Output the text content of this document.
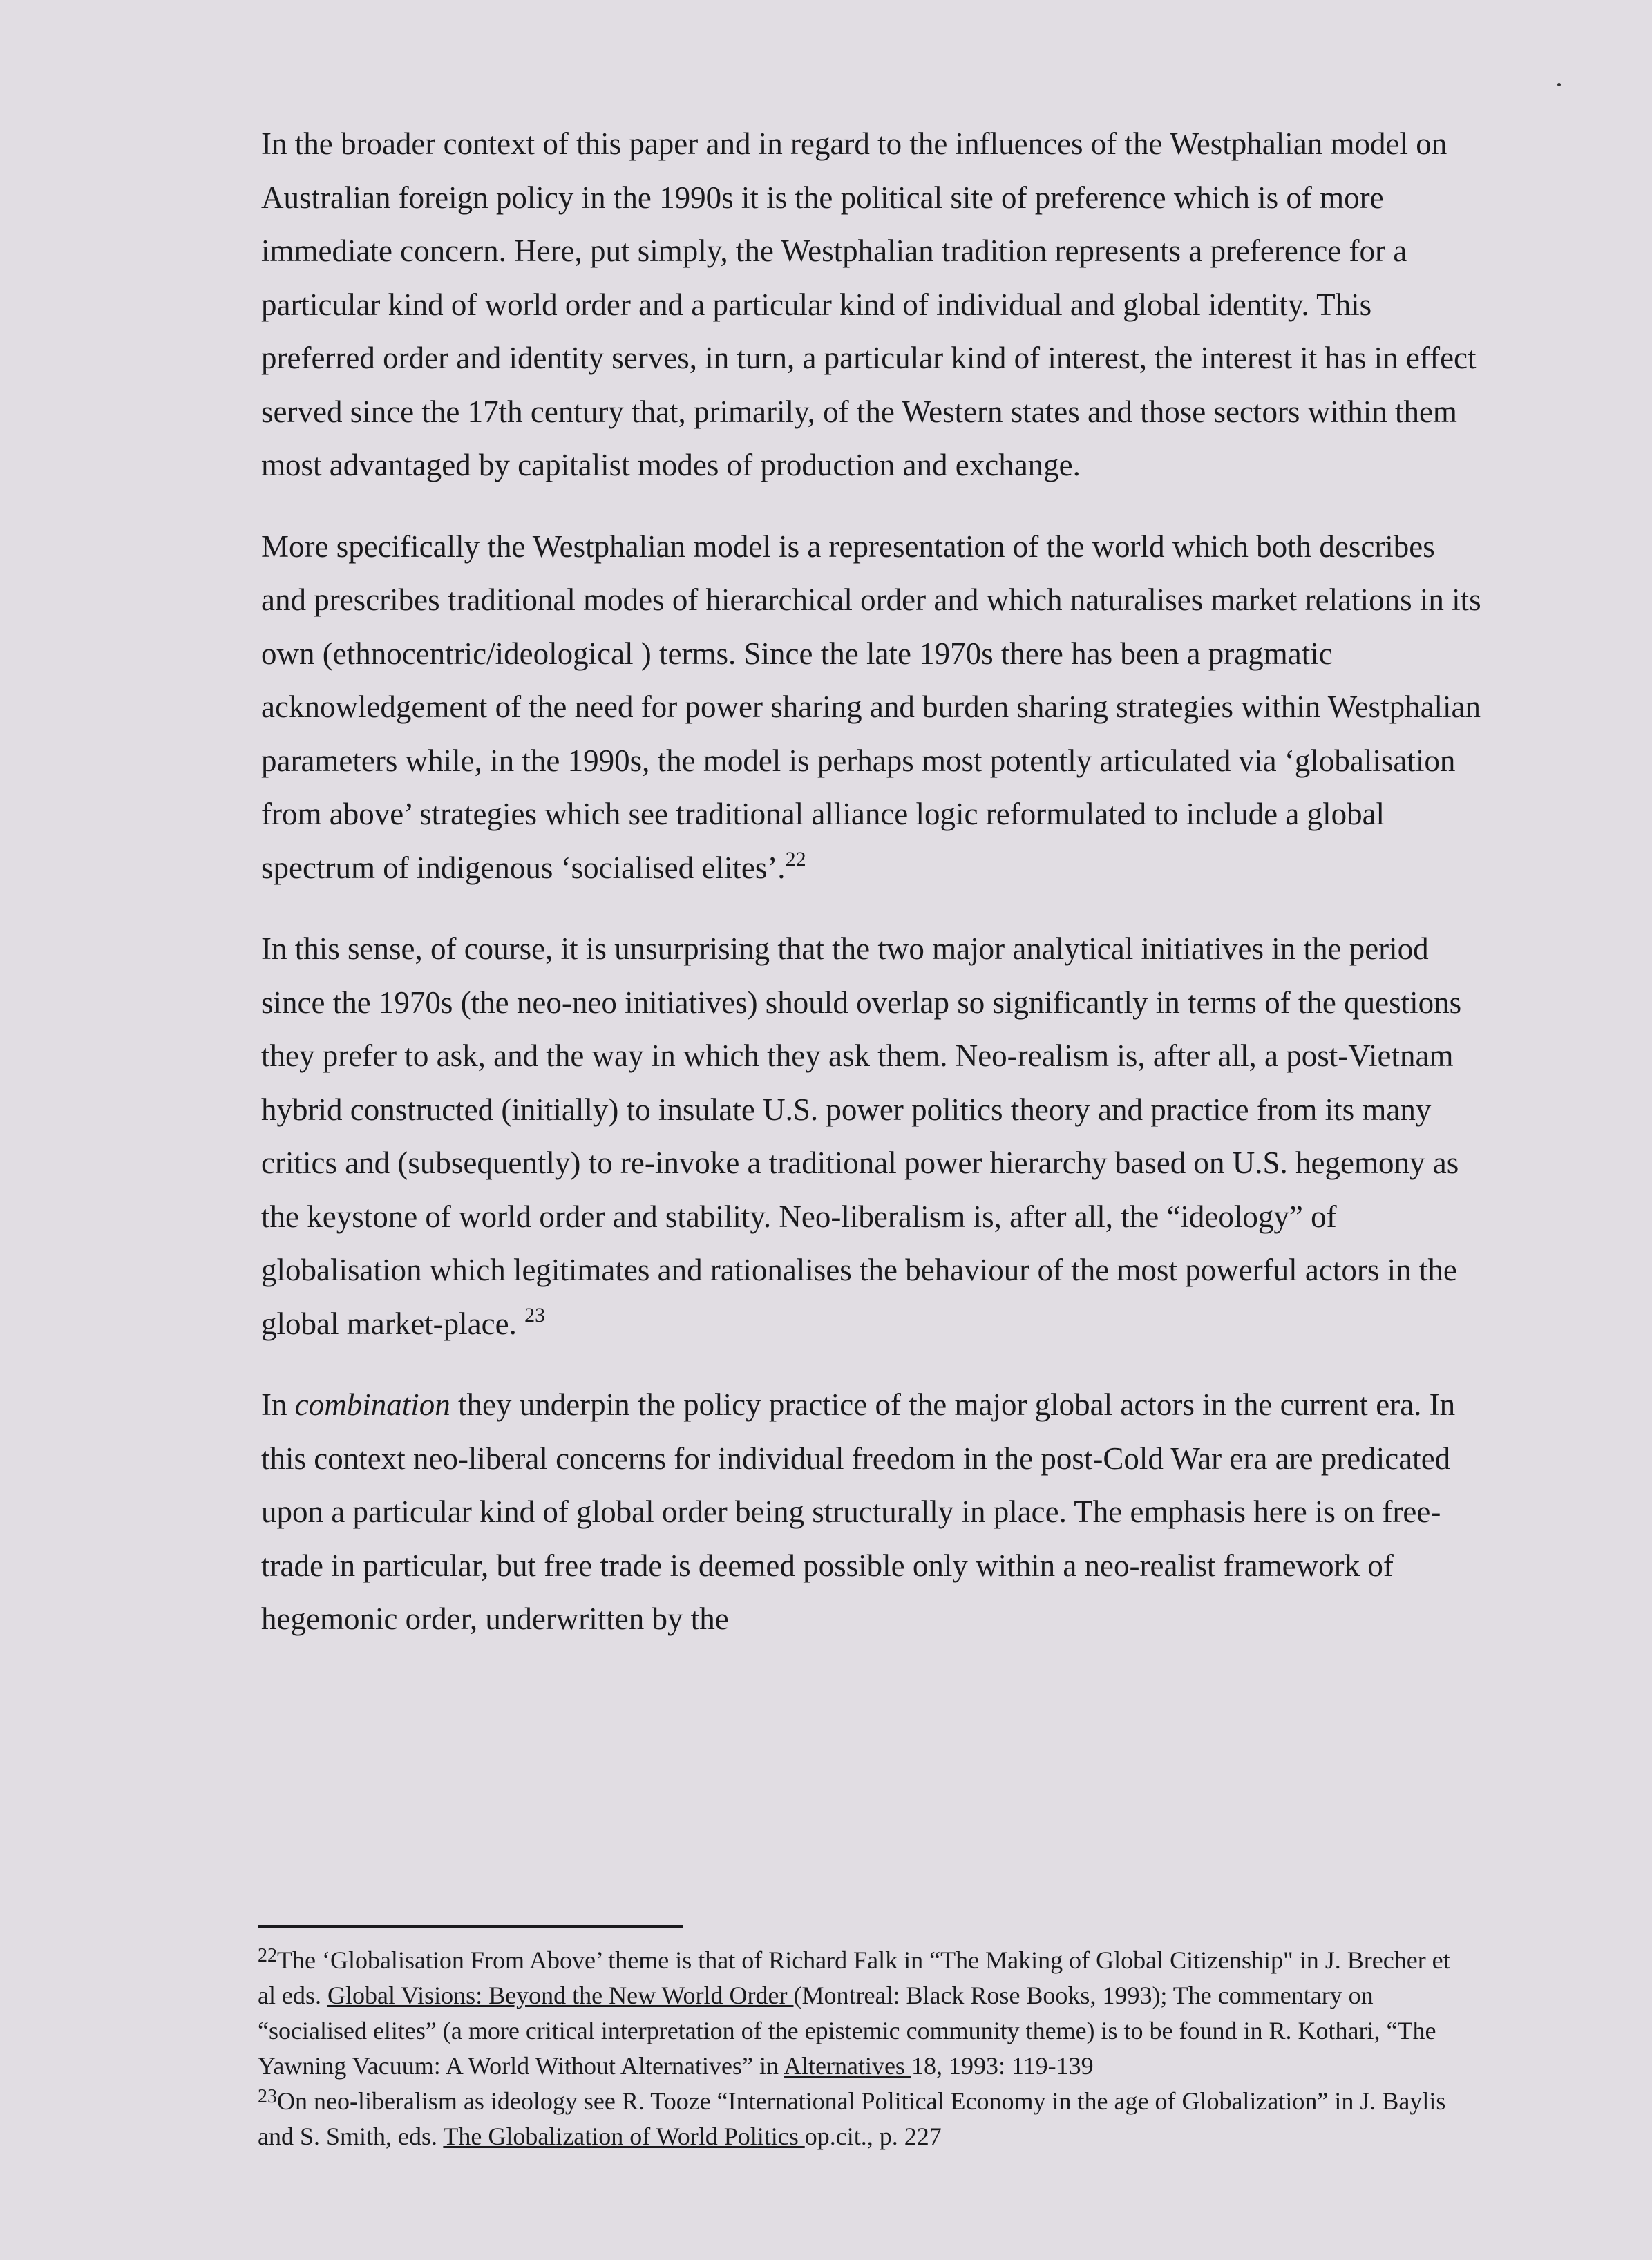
In the broader context of this paper and in regard to the influences of the Westphalian model on Australian foreign policy in the 1990s it is the political site of preference which is of more immediate concern. Here, put simply, the Westphalian tradition represents a preference for a particular kind of world order and a particular kind of individual and global identity. This preferred order and identity serves, in turn, a particular kind of interest, the interest it has in effect served since the 17th century that, primarily, of the Western states and those sectors within them most advantaged by capitalist modes of production and exchange.

More specifically the Westphalian model is a representation of the world which both describes and prescribes traditional modes of hierarchical order and which naturalises market relations in its own (ethnocentric/ideological ) terms. Since the late 1970s there has been a pragmatic acknowledgement of the need for power sharing and burden sharing strategies within Westphalian parameters while, in the 1990s, the model is perhaps most potently articulated via ‘globalisation from above’ strategies which see traditional alliance logic reformulated to include a global spectrum of indigenous ‘socialised elites’.$^{22}$

In this sense, of course, it is unsurprising that the two major analytical initiatives in the period since the 1970s (the neo-neo initiatives) should overlap so significantly in terms of the questions they prefer to ask, and the way in which they ask them. Neo-realism is, after all, a post-Vietnam hybrid constructed (initially) to insulate U.S. power politics theory and practice from its many critics and (subsequently) to re-invoke a traditional power hierarchy based on U.S. hegemony as the keystone of world order and stability. Neo-liberalism is, after all, the “ideology” of globalisation which legitimates and rationalises the behaviour of the most powerful actors in the global market-place. $^{23}$

In combination they underpin the policy practice of the major global actors in the current era. In this context neo-liberal concerns for individual freedom in the post-Cold War era are predicated upon a particular kind of global order being structurally in place. The emphasis here is on free-trade in particular, but free trade is deemed possible only within a neo-realist framework of hegemonic order, underwritten by the

$^{22}$The ‘Globalisation From Above’ theme is that of Richard Falk in “The Making of Global Citizenship" in J. Brecher et al eds. Global Visions: Beyond the New World Order (Montreal: Black Rose Books, 1993); The commentary on “socialised elites” (a more critical interpretation of the epistemic community theme) is to be found in R. Kothari, “The Yawning Vacuum: A World Without Alternatives” in Alternatives 18, 1993: 119-139

$^{23}$On neo-liberalism as ideology see R. Tooze “International Political Economy in the age of Globalization” in J. Baylis and S. Smith, eds. The Globalization of World Politics op.cit., p. 227
